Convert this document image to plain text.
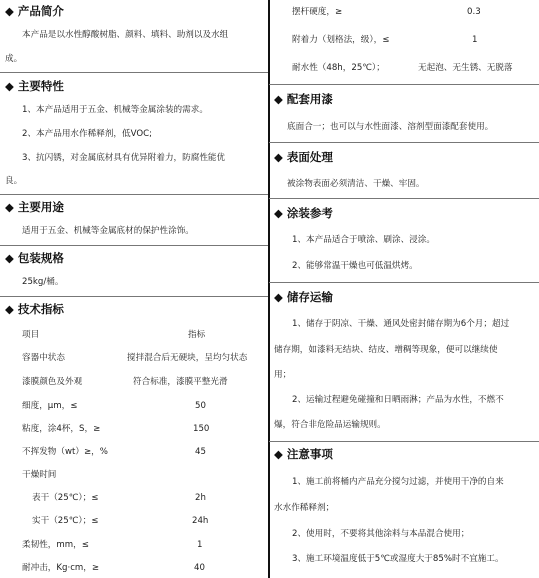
◆ 产品简介
本产品是以水性醇酸树脂、颜料、填料、助剂以及水组
成。
◆ 主要特性
1、本产品适用于五金、机械等金属涂装的需求。
2、本产品用水作稀释剂，低VOC;
3、抗闪锈，对金属底材具有优异附着力，防腐性能优
良。
◆ 主要用途
适用于五金、机械等金属底材的保护性涂饰。
◆ 包装规格
25kg/桶。
◆ 技术指标
项目	指标
容器中状态	搅拌混合后无硬块，呈均匀状态
漆膜颜色及外观	符合标准，漆膜平整光滑
细度，μm，≤	50
粘度，涂4杯，S，≥	150
不挥发物（wt）≥，%	45
干燥时间
表干（25℃）；≤	2h
实干（25℃）；≤	24h
柔韧性，mm，≤	1
耐冲击，Kg·cm，≥	40
摆杆硬度，≥	0.3
附着力（划格法，级），≤	1
耐水性（48h，25℃）；	无起泡、无生锈、无脱落
◆ 配套用漆
底面合一；也可以与水性面漆、溶剂型面漆配套使用。
◆ 表面处理
被涂物表面必须清洁、干燥、牢固。
◆ 涂装参考
1、本产品适合于喷涂、刷涂、浸涂。
2、能够常温干燥也可低温烘烤。
◆ 储存运输
1、储存于阴凉、干燥、通风处密封储存期为6个月；超过
储存期，如漆料无结块、结皮、增稠等现象，便可以继续使
用；
2、运输过程避免碰撞和日晒雨淋；产品为水性，不燃不
爆，符合非危险品运输规则。
◆ 注意事项
1、施工前将桶内产品充分搅匀过滤，并使用干净的自来
水水作稀释剂；
2、使用时，不要将其他涂料与本品混合使用；
3、施工环境温度低于5℃或湿度大于85%时不宜施工。
